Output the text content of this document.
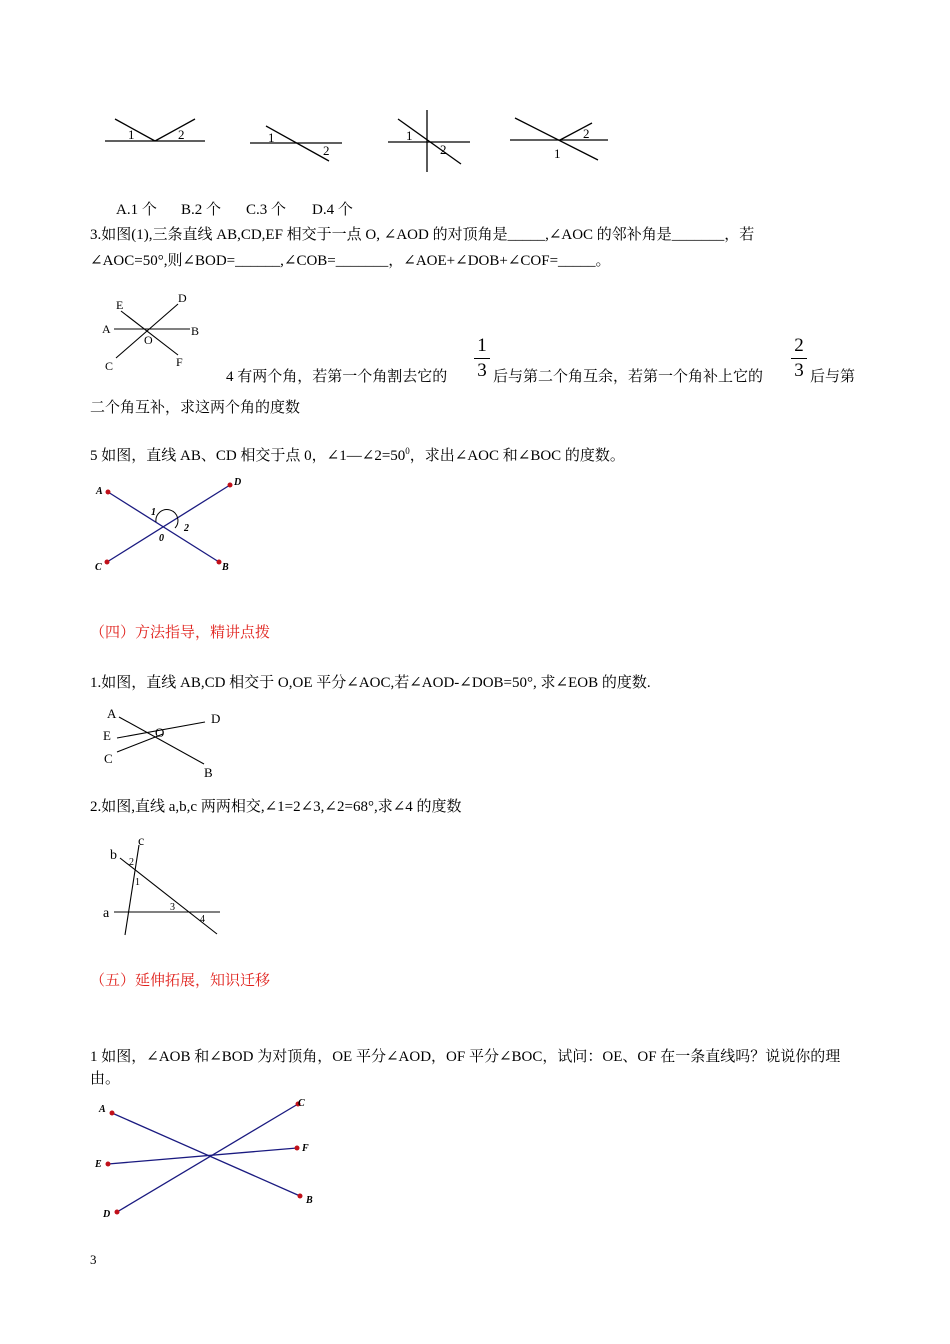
1	2	1
2
1
2
2
1
A.1 个 B.2 个 C.3 个 D.4 个
3.如图(1),三条直线 AB,CD,EF 相交于一点 O, ∠AOD 的对顶角是_____,∠AOC 的邻补角是_______，若
∠AOC=50°,则∠BOD=______,∠COB=_______，∠AOE+∠DOB+∠COF=_____。
E	D
A	B
O
C	F
4 有两个角，若第一个角割去它的
1
3 后与第二个角互余，若第一个角补上它的
2
3 后与第
二个角互补，求这两个角的度数
5 如图，直线 AB、CD 相交于点 0，$\angle 1—\angle 2=50^0$，求出∠AOC 和∠BOC 的度数。
A
D
C	B
1
2
0
（四）方法指导，精讲点拨
1.如图，直线 AB,CD 相交于 O,OE 平分∠AOC,若∠AOD-∠DOB=50°, 求∠EOB 的度数.
A	D
E	O
C
B
2.如图,直线 a,b,c 两两相交,∠1=2∠3,∠2=68°,求∠4 的度数
c
b 2
1
a	3
4
（五）延伸拓展，知识迁移
1 如图，∠AOB 和∠BOD 为对顶角，OE 平分∠AOD，OF 平分∠BOC，试问：OE、OF 在一条直线吗？说说你的理由。
A
C
F
E
B
D
3
